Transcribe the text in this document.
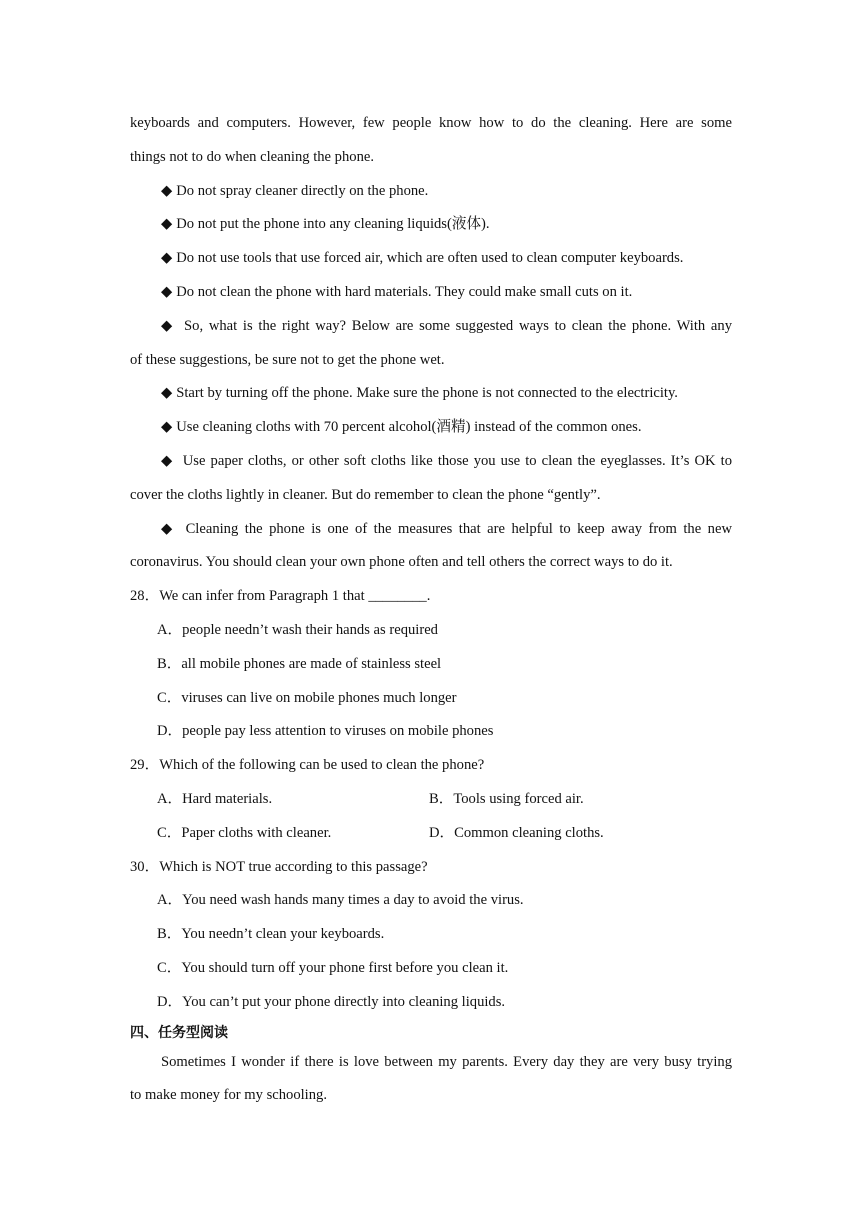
keyboards and computers. However, few people know how to do the cleaning. Here are some
things not to do when cleaning the phone.
◆ Do not spray cleaner directly on the phone.
◆ Do not put the phone into any cleaning liquids(液体).
◆ Do not use tools that use forced air, which are often used to clean computer keyboards.
◆ Do not clean the phone with hard materials. They could make small cuts on it.
◆ So, what is the right way? Below are some suggested ways to clean the phone. With any
of these suggestions, be sure not to get the phone wet.
◆ Start by turning off the phone. Make sure the phone is not connected to the electricity.
◆ Use cleaning cloths with 70 percent alcohol(酒精) instead of the common ones.
◆ Use paper cloths, or other soft cloths like those you use to clean the eyeglasses. It’s OK to
cover the cloths lightly in cleaner. But do remember to clean the phone “gently”.
◆ Cleaning the phone is one of the measures that are helpful to keep away from the new
coronavirus. You should clean your own phone often and tell others the correct ways to do it.
28．We can infer from Paragraph 1 that ________.
A．people needn’t wash their hands as required
B．all mobile phones are made of stainless steel
C．viruses can live on mobile phones much longer
D．people pay less attention to viruses on mobile phones
29．Which of the following can be used to clean the phone?
A．Hard materials.	B．Tools using forced air.
C．Paper cloths with cleaner.	D．Common cleaning cloths.
30．Which is NOT true according to this passage?
A．You need wash hands many times a day to avoid the virus.
B．You needn’t clean your keyboards.
C．You should turn off your phone first before you clean it.
D．You can’t put your phone directly into cleaning liquids.
四、任务型阅读
Sometimes I wonder if there is love between my parents. Every day they are very busy trying
to make money for my schooling.
